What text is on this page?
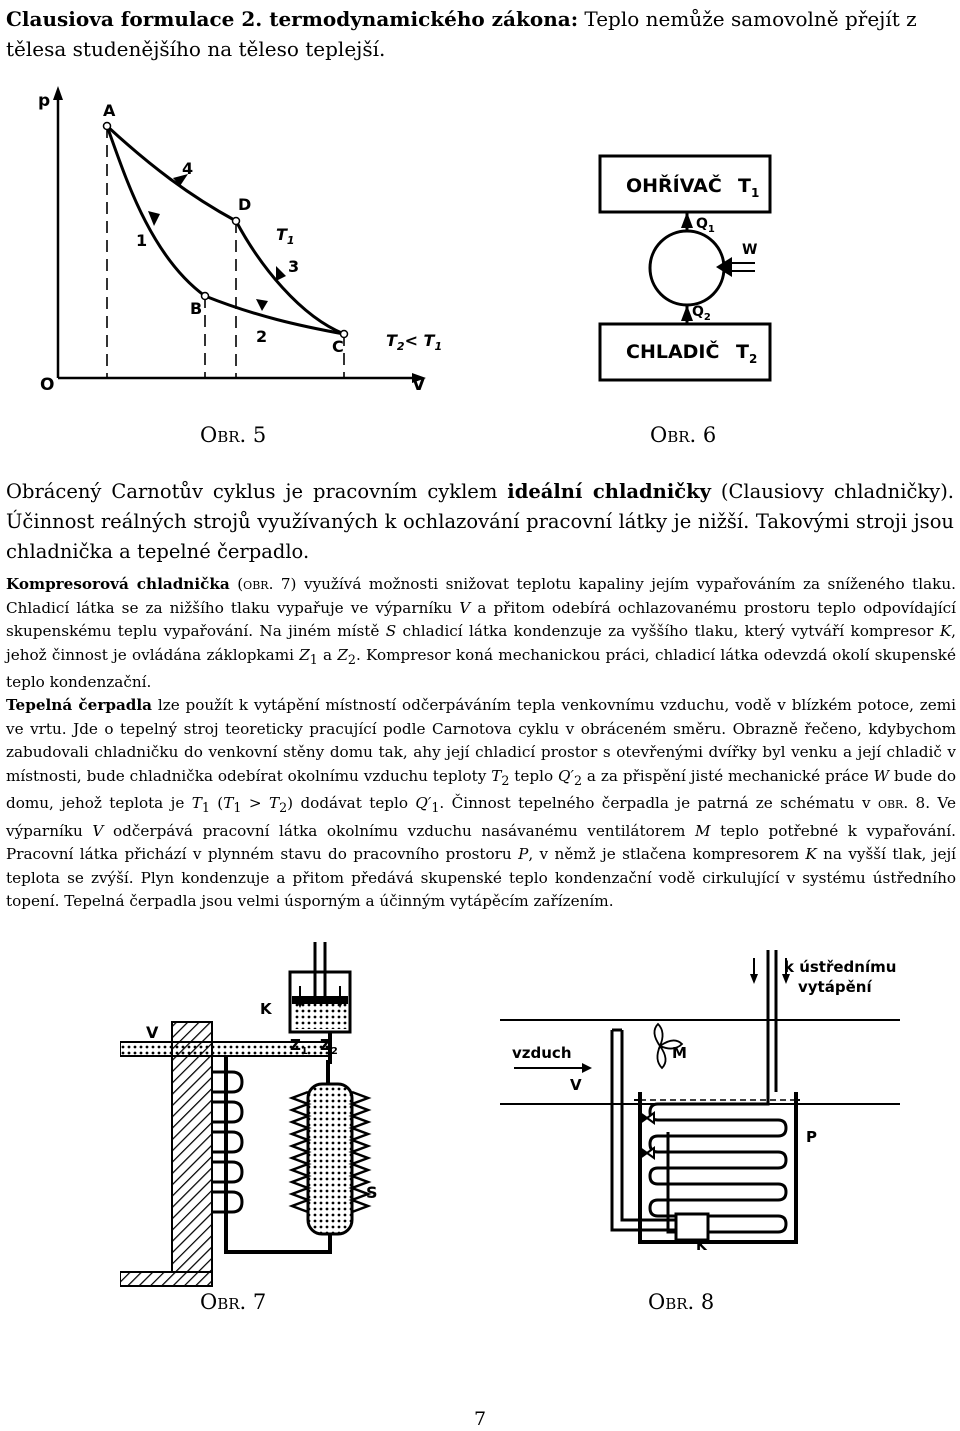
Clausiova formulace 2. termodynamického zákona: Teplo nemůže samovolně přejít z tělesa studenějšího na těleso teplejší.
p
O	V
A
B
C
D
1
2
3
4
$T_1$
$T_2< T_1$
OHŘÍVAČ $T_1$
CHLADIČ $T_2$
$Q_1$
$Q_2$
W
Obr. 5	Obr. 6
Obrácený Carnotův cyklus je pracovním cyklem ideální chladničky (Clausiovy chladničky). Účinnost reálných strojů využívaných k ochlazování pracovní látky je nižší. Takovými stroji jsou chladnička a tepelné čerpadlo.
Kompresorová chladnička (obr. 7) využívá možnosti snižovat teplotu kapaliny jejím vypařováním za sníženého tlaku. Chladicí látka se za nižšího tlaku vypařuje ve výparníku V a přitom odebírá ochlazovanému prostoru teplo odpovídající skupenskému teplu vypařování. Na jiném místě S chladicí látka kondenzuje za vyššího tlaku, který vytváří kompresor K, jehož činnost je ovládána záklopkami $Z_1$ a $Z_2$. Kompresor koná mechanickou práci, chladicí látka odevzdá okolí skupenské teplo kondenzační.
Tepelná čerpadla lze použít k vytápění místností odčerpáváním tepla venkovnímu vzduchu, vodě v blízkém potoce, zemi ve vrtu. Jde o tepelný stroj teoreticky pracující podle Carnotova cyklu v obráceném směru. Obrazně řečeno, kdybychom zabudovali chladničku do venkovní stěny domu tak, ahy její chladicí prostor s otevřenými dvířky byl venku a její chladič v místnosti, bude chladnička odebírat okolnímu vzduchu teploty $T_2$ teplo $Q'_2$ a za přispění jisté mechanické práce W bude do domu, jehož teplota je $T_1$ $(T_1 > T_2)$ dodávat teplo $Q'_1$. Činnost tepelného čerpadla je patrná ze schématu v obr. 8. Ve výparníku V odčerpává pracovní látka okolnímu vzduchu nasávanému ventilátorem M teplo potřebné k vypařování. Pracovní látka přichází v plynném stavu do pracovního prostoru P, v němž je stlačena kompresorem K na vyšší tlak, její teplota se zvýší. Plyn kondenzuje a přitom předává skupenské teplo kondenzační vodě cirkulující v systému ústředního topení. Tepelná čerpadla jsou velmi úsporným a účinným vytápěcím zařízením.
K
V
S
$Z_1$ $Z_2$
k ústřednímu
vytápění
vzduch	M
V
P
K
Obr. 7	Obr. 8
7
